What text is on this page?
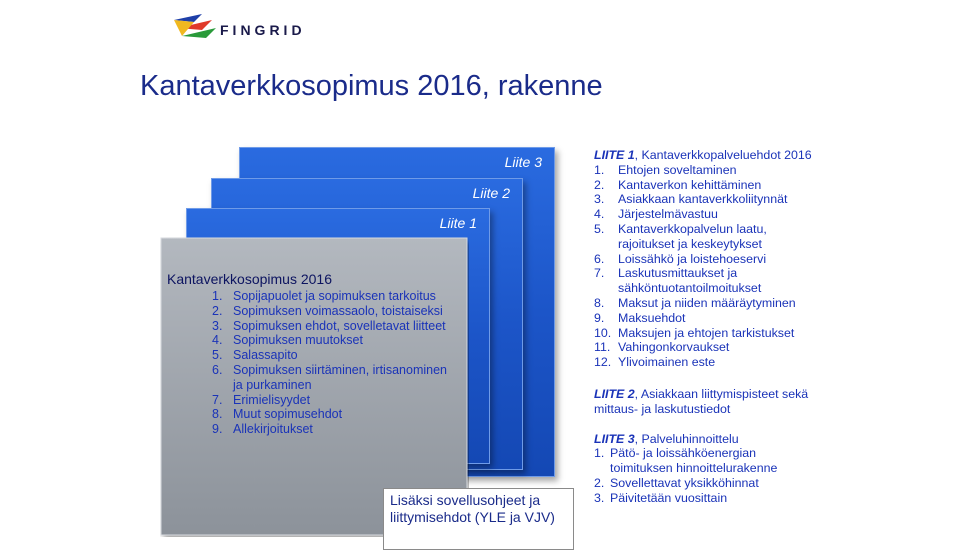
FINGRID
Kantaverkkosopimus 2016, rakenne
Liite 3
Liite 2
Liite 1
Kantaverkkosopimus 2016
1. Sopijapuolet ja sopimuksen tarkoitus
2. Sopimuksen voimassaolo, toistaiseksi
3. Sopimuksen ehdot, sovelletavat liitteet
4. Sopimuksen muutokset
5. Salassapito
6. Sopimuksen siirtäminen, irtisanominen ja purkaminen
7. Erimielisyydet
8. Muut sopimusehdot
9. Allekirjoitukset
Lisäksi sovellusohjeet ja liittymisehdot (YLE ja VJV)
LIITE 1, Kantaverkkopalveluehdot 2016
1. Ehtojen soveltaminen
2. Kantaverkon kehittäminen
3. Asiakkaan kantaverkkoliitynnät
4. Järjestelmävastuu
5. Kantaverkkopalvelun laatu, rajoitukset ja keskeytykset
6. Loissähkö ja loistehoeservi
7. Laskutusmittaukset ja sähköntuotantoilmoitukset
8. Maksut ja niiden määräytyminen
9. Maksuehdot
10. Maksujen ja ehtojen tarkistukset
11. Vahingonkorvaukset
12. Ylivoimainen este
LIITE 2, Asiakkaan liittymispisteet sekä mittaus- ja laskutustiedot
LIITE 3, Palveluhinnoittelu
1. Pätö- ja loissähköenergian toimituksen hinnoittelurakenne
2. Sovellettavat yksikköhinnat
3. Päivitetään vuosittain
